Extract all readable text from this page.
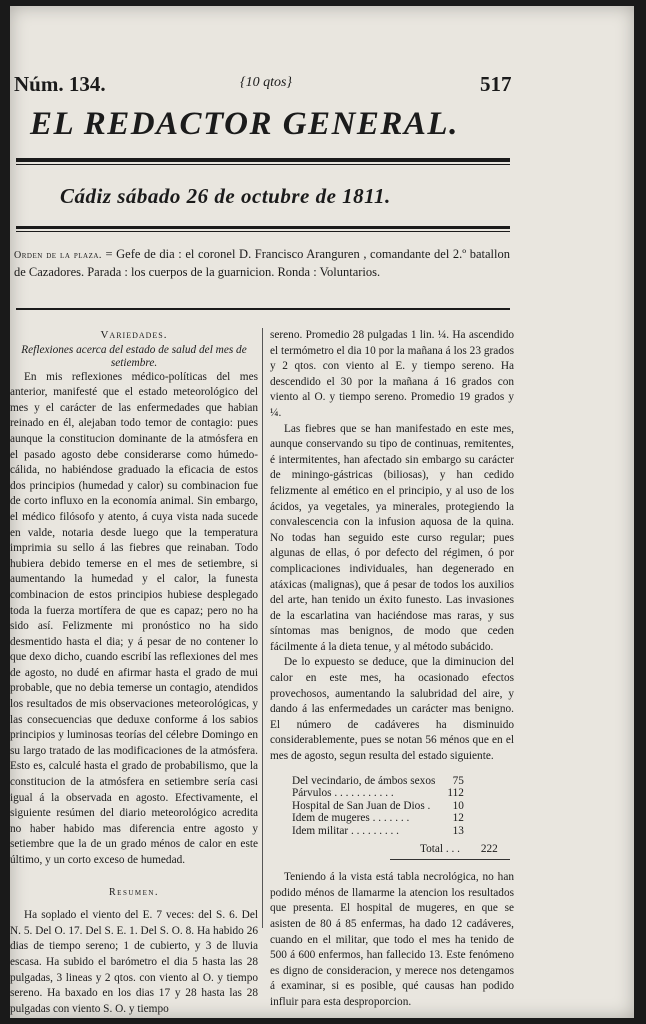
Núm. 134.	{10 qtos}	517
EL REDACTOR GENERAL.
Cádiz sábado 26 de octubre de 1811.
Orden de la plaza. = Gefe de dia : el coronel D. Francisco Aranguren , comandante del 2.º batallon de Cazadores. Parada : los cuerpos de la guarnicion. Ronda : Voluntarios.
Variedades.
Reflexiones acerca del estado de salud del mes de setiembre.

En mis reflexiones médico-políticas del mes anterior, manifesté que el estado meteorológico del mes y el carácter de las enfermedades que habian reinado en él, alejaban todo temor de contagio: pues aunque la constitucion dominante de la atmósfera en el pasado agosto debe considerarse como húmedo-cálida, no habiéndose graduado la eficacia de estos dos principios (humedad y calor) su combinacion fue de corto influxo en la economía animal. Sin embargo, el médico filósofo y atento, á cuya vista nada sucede en valde, notaria desde luego que la temperatura imprimia su sello á las fiebres que reinaban. Todo hubiera debido temerse en el mes de setiembre, si aumentando la humedad y el calor, la funesta combinacion de estos principios hubiese desplegado toda la fuerza mortífera de que es capaz; pero no ha sido así. Felizmente mi pronóstico no ha sido desmentido hasta el dia; y á pesar de no contener lo que dexo dicho, cuando escribí las reflexiones del mes de agosto, no dudé en afirmar hasta el grado de mui probable, que no debia temerse un contagio, atendidos los resultados de mis observaciones meteorológicas, y las consecuencias que deduxe conforme á los sabios principios y luminosas teorías del célebre Domingo en su largo tratado de las modificaciones de la atmósfera. Esto es, calculé hasta el grado de probabilismo, que la constitucion de la atmósfera en setiembre sería casi igual á la observada en agosto. Efectivamente, el siguiente resúmen del diario meteorológico acredita no haber habido mas diferencia entre agosto y setiembre que la de un grado ménos de calor en este último, y un corto exceso de humedad.

Resumen.

Ha soplado el viento del E. 7 veces: del S. 6. Del N. 5. Del O. 17. Del S. E. 1. Del S. O. 8. Ha habido 26 dias de tiempo sereno; 1 de cubierto, y 3 de lluvia escasa. Ha subido el barómetro el dia 5 hasta las 28 pulgadas, 3 lineas y 2 qtos. con viento al O. y tiempo sereno. Ha baxado en los dias 17 y 28 hasta las 28 pulgadas con viento S. O. y tiempo

sereno. Promedio 28 pulgadas 1 lin. ¼. Ha ascendido el termómetro el dia 10 por la mañana á los 23 grados y 2 qtos. con viento al E. y tiempo sereno. Ha descendido el 30 por la mañana á 16 grados con viento al O. y tiempo sereno. Promedio 19 grados y ¼.

Las fiebres que se han manifestado en este mes, aunque conservando su tipo de continuas, remitentes, é intermitentes, han afectado sin embargo su carácter de miningo-gástricas (biliosas), y han cedido felizmente al emético en el principio, y al uso de los ácidos, ya vegetales, ya minerales, protegiendo la convalescencia con la infusion aquosa de la quina. No todas han seguido este curso regular; pues algunas de ellas, ó por defecto del régimen, ó por complicaciones individuales, han degenerado en atáxicas (malignas), que á pesar de todos los auxilios del arte, han tenido un éxito funesto. Las invasiones de la escarlatina van haciéndose mas raras, y sus síntomas mas benignos, de modo que ceden fácilmente á la dieta tenue, y al método subácido.

De lo expuesto se deduce, que la diminucion del calor en este mes, ha ocasionado efectos provechosos, aumentando la salubridad del aire, y dando á las enfermedades un carácter mas benigno. El número de cadáveres ha disminuido considerablemente, pues se notan 56 ménos que en el mes de agosto, segun resulta del estado siguiente.

Del vecindario, de ámbos sexos	75
Párvulos . . . . . . . . . . .	112
Hospital de San Juan de Dios .	10
Idem de mugeres . . . . . . .	12
Idem militar . . . . . . . . .	13
Total . . . 222

Teniendo á la vista está tabla necrológica, no han podido ménos de llamarme la atencion los resultados que presenta. El hospital de mugeres, en que se asisten de 80 á 85 enfermas, ha dado 12 cadáveres, cuando en el militar, que todo el mes ha tenido de 500 á 600 enfermos, han fallecido 13. Este fenómeno es digno de consideracion, y merece nos detengamos á examinar, si es posible, qué causas han podido influir para esta desproporcion.
